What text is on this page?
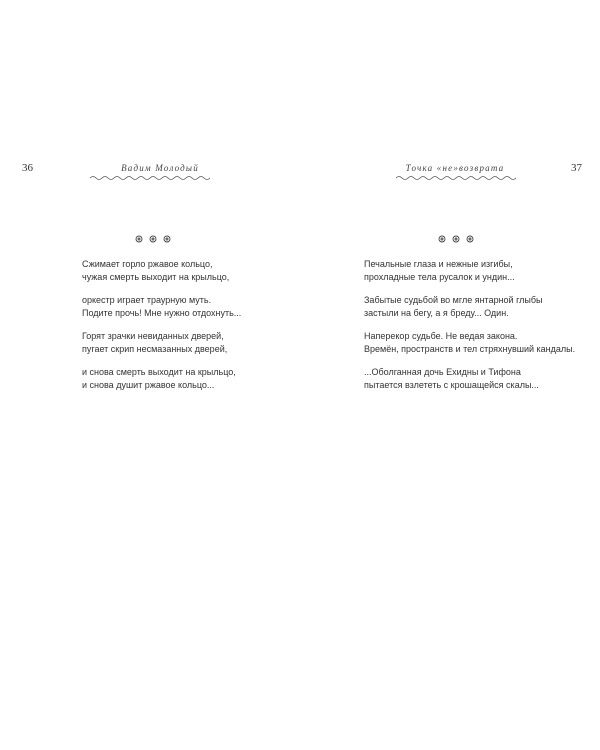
36	Вадим Молодый
Сжимает горло ржавое кольцо,
чужая смерть выходит на крыльцо,
оркестр играет траурную муть.
Подите прочь! Мне нужно отдохнуть...
Горят зрачки невиданных дверей,
пугает скрип несмазанных дверей,
и снова смерть выходит на крыльцо,
и снова душит ржавое кольцо...
Точка «не»возврата	37
Печальные глаза и нежные изгибы,
прохладные тела русалок и ундин...
Забытые судьбой во мгле янтарной глыбы
застыли на бегу, а я бреду... Один.
Наперекор судьбе. Не ведая закона.
Времён, пространств и тел стряхнувший кандалы.
...Оболганная дочь Ехидны и Тифона
пытается взлететь с крошащейся скалы...
